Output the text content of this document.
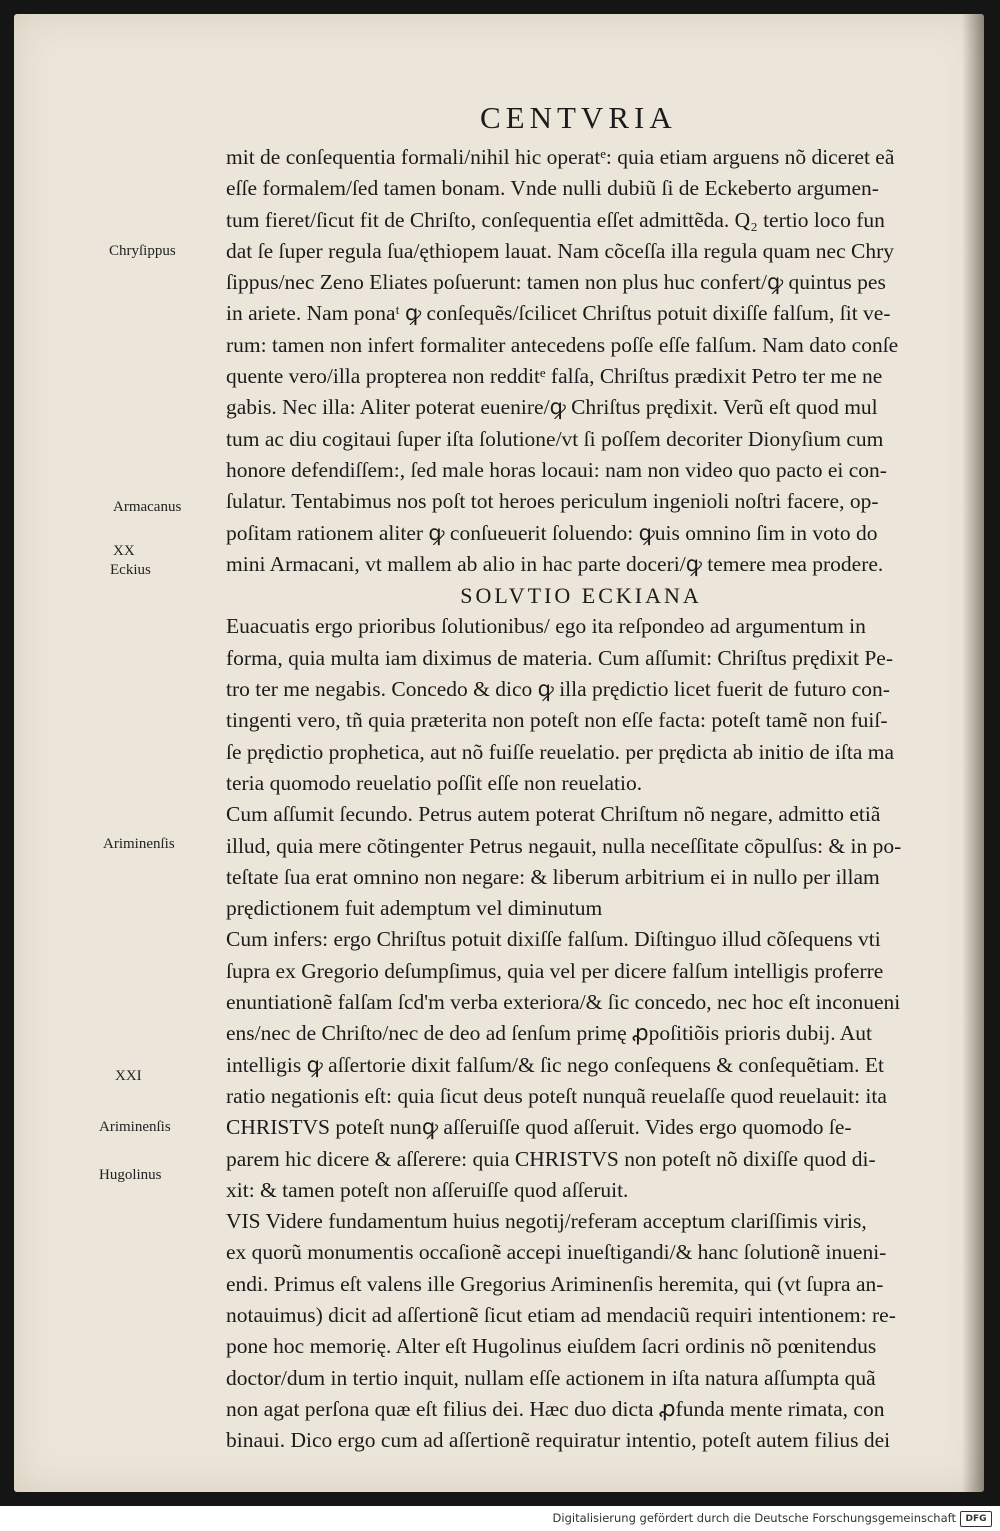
CENTVRIA
Chryſippus
Armacanus
XX
Eckius
Ariminenſis
XXI
Ariminenſis
Hugolinus
mit de conſequentia formali/nihil hic operatᵉ: quia etiam arguens nõ diceret eã
eſſe formalem/ſed tamen bonam. Vnde nulli dubiũ ſi de Eckeberto argumen‑
tum fieret/ſicut fit de Chriſto, conſequentia eſſet admittẽda. Q₂ tertio loco fun
dat ſe ſuper regula ſua/ęthiopem lauat. Nam cõceſſa illa regula quam nec Chry
ſippus/nec Zeno Eliates poſuerunt: tamen non plus huc confert/ꝙ quintus pes
in ariete. Nam ponaᵗ ꝙ conſequẽs/ſcilicet Chriſtus potuit dixiſſe falſum, ſit ve‑
rum: tamen non infert formaliter antecedens poſſe eſſe falſum. Nam dato conſe
quente vero/illa propterea non redditᵉ falſa, Chriſtus prædixit Petro ter me ne
gabis. Nec illa: Aliter poterat euenire/ꝙ Chriſtus prędixit. Verũ eſt quod mul
tum ac diu cogitaui ſuper iſta ſolutione/vt ſi poſſem decoriter Dionyſium cum
honore defendiſſem:, ſed male horas locaui: nam non video quo pacto ei con‑
ſulatur. Tentabimus nos poſt tot heroes periculum ingenioli noſtri facere, op‑
poſitam rationem aliter ꝙ conſueuerit ſoluendo: ꝙuis omnino ſim in voto do
mini Armacani, vt mallem ab alio in hac parte doceri/ꝙ temere mea prodere.
SOLVTIO ECKIANA
Euacuatis ergo prioribus ſolutionibus/ ego ita reſpondeo ad argumentum in
forma, quia multa iam diximus de materia. Cum aſſumit: Chriſtus prędixit Pe‑
tro ter me negabis. Concedo & dico ꝙ illa prędictio licet fuerit de futuro con‑
tingenti vero, tñ quia præterita non poteſt non eſſe facta: poteſt tamẽ non fuiſ‑
ſe prędictio prophetica, aut nõ fuiſſe reuelatio. per prędicta ab initio de iſta ma
teria quomodo reuelatio poſſit eſſe non reuelatio.
Cum aſſumit ſecundo. Petrus autem poterat Chriſtum nõ negare, admitto etiã
illud, quia mere cõtingenter Petrus negauit, nulla neceſſitate cõpulſus: & in po‑
teſtate ſua erat omnino non negare: & liberum arbitrium ei in nullo per illam
prędictionem fuit ademptum vel diminutum
Cum infers: ergo Chriſtus potuit dixiſſe falſum. Diſtinguo illud cõſequens vti
ſupra ex Gregorio deſumpſimus, quia vel per dicere falſum intelligis proferre
enuntiationẽ falſam ſcd'm verba exteriora/& ſic concedo, nec hoc eſt inconueni
ens/nec de Chriſto/nec de deo ad ſenſum primę ꝓpoſitiõis prioris dubij. Aut
intelligis ꝙ aſſertorie dixit falſum/& ſic nego conſequens & conſequẽtiam. Et
ratio negationis eſt: quia ſicut deus poteſt nunquã reuelaſſe quod reuelauit: ita
CHRISTVS poteſt nunꝙ aſſeruiſſe quod aſſeruit. Vides ergo quomodo ſe‑
parem hic dicere & aſſerere: quia CHRISTVS non poteſt nõ dixiſſe quod di‑
xit: & tamen poteſt non aſſeruiſſe quod aſſeruit.
VIS Videre fundamentum huius negotij/referam acceptum clariſſimis viris,
ex quorũ monumentis occaſionẽ accepi inueſtigandi/& hanc ſolutionẽ inueni‑
endi. Primus eſt valens ille Gregorius Ariminenſis heremita, qui (vt ſupra an‑
notauimus) dicit ad aſſertionẽ ſicut etiam ad mendaciũ requiri intentionem: re‑
pone hoc memorię. Alter eſt Hugolinus eiuſdem ſacri ordinis nõ pœnitendus
doctor/dum in tertio inquit, nullam eſſe actionem in iſta natura aſſumpta quã
non agat perſona quæ eſt filius dei. Hæc duo dicta ꝓfunda mente rimata, con
binaui. Dico ergo cum ad aſſertionẽ requiratur intentio, poteſt autem filius dei
Digitalisierung gefördert durch die Deutsche Forschungsgemeinschaft	DFG
